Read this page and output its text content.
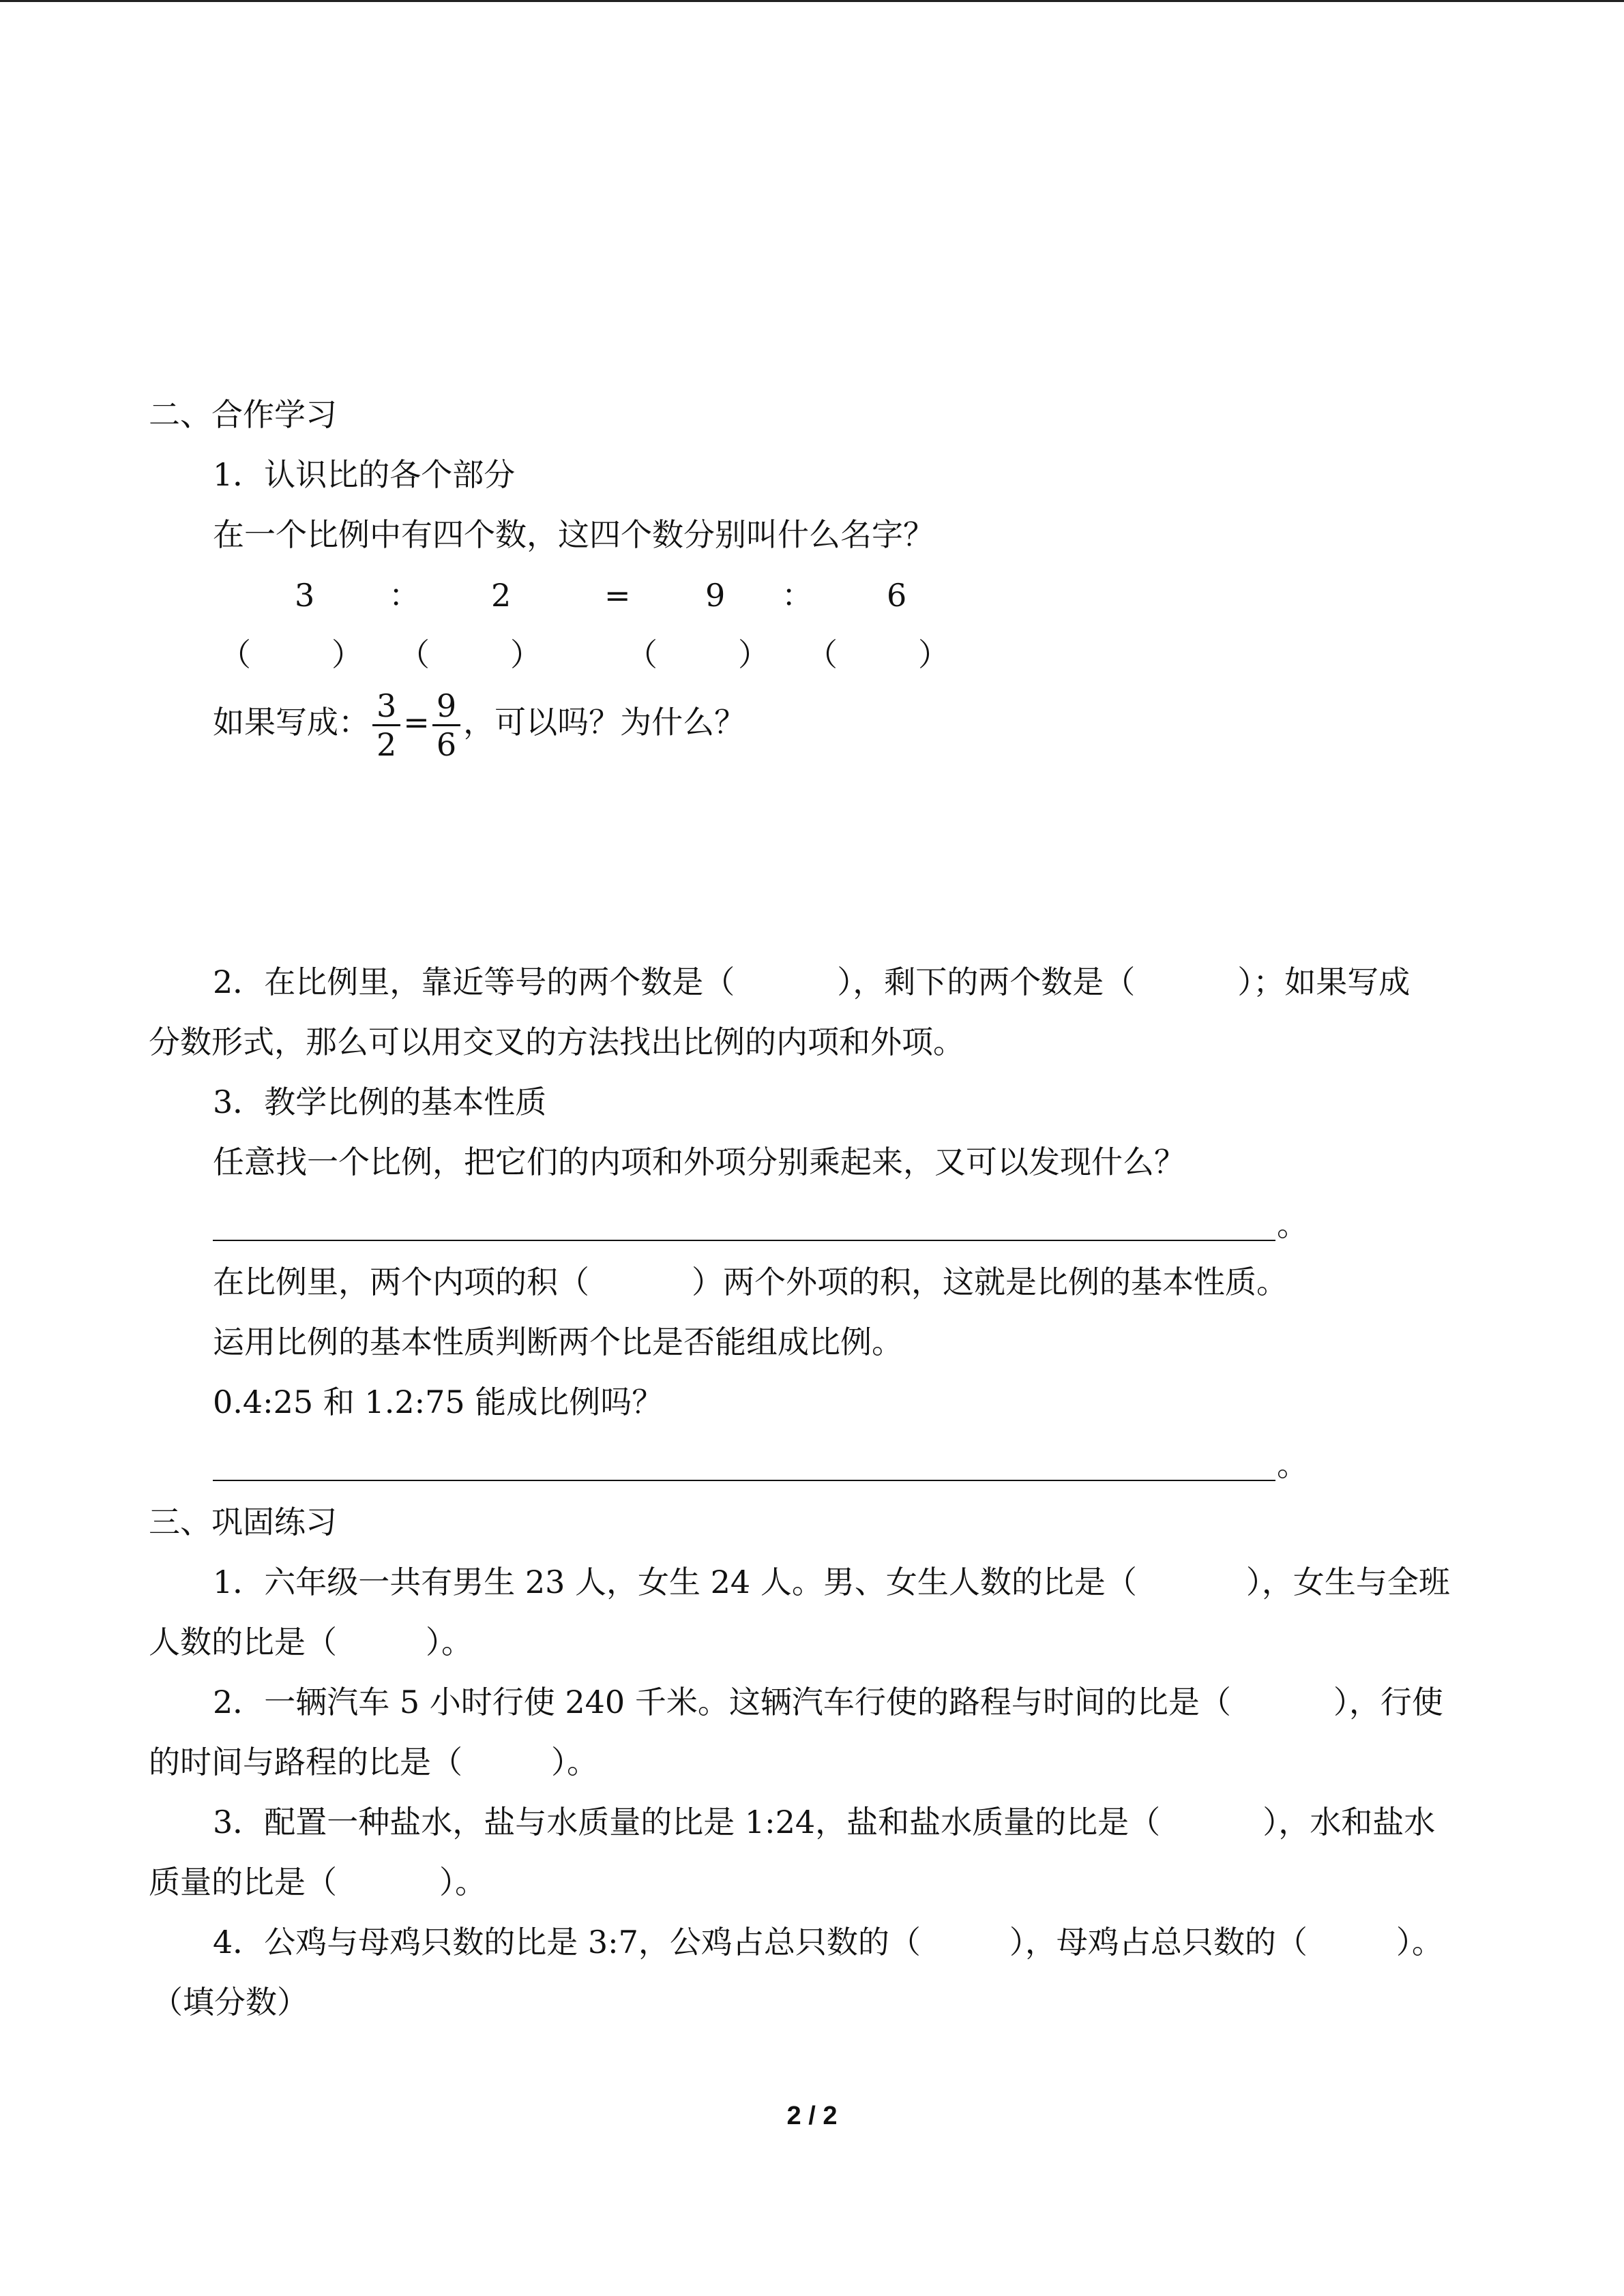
二、合作学习
1．认识比的各个部分
在一个比例中有四个数，这四个数分别叫什么名字？
3 ： 2	= 9 ： 6
（	） （	）	（	） （	）
如果写成： $\frac{3}{2} = \frac{9}{6}$ ，可以吗？为什么？
2．在比例里，靠近等号的两个数是（	），剩下的两个数是（	）；如果写成
分数形式，那么可以用交叉的方法找出比例的内项和外项。
3．教学比例的基本性质
任意找一个比例，把它们的内项和外项分别乘起来，又可以发现什么？
。
在比例里，两个内项的积（	）两个外项的积，这就是比例的基本性质。
运用比例的基本性质判断两个比是否能组成比例。
0.4:25 和 1.2:75 能成比例吗？
。
三、巩固练习
1．六年级一共有男生 23 人，女生 24 人。男、女生人数的比是（	），女生与全班
人数的比是（	）。
2．一辆汽车 5 小时行使 240 千米。这辆汽车行使的路程与时间的比是（	），行使
的时间与路程的比是（	）。
3．配置一种盐水，盐与水质量的比是 1:24，盐和盐水质量的比是（	），水和盐水
质量的比是（	）。
4．公鸡与母鸡只数的比是 3:7，公鸡占总只数的（	），母鸡占总只数的（	）。
（填分数）
2 / 2
